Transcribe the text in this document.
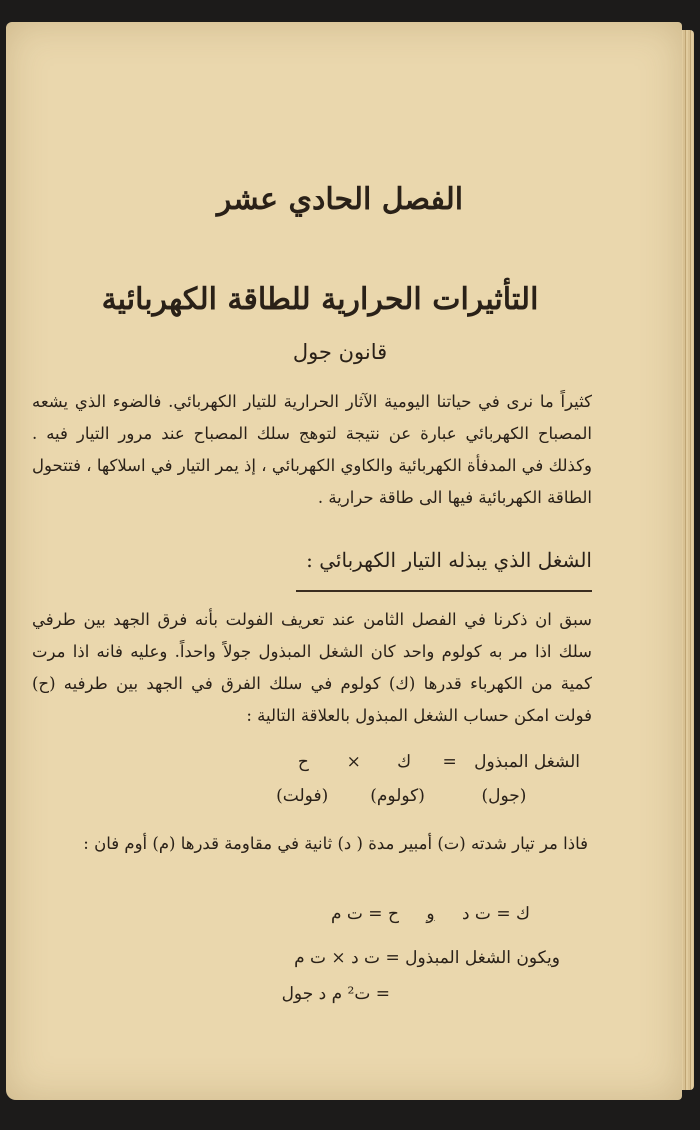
الفصل الحادي عشر
التأثيرات الحرارية للطاقة الكهربائية
قانون جول
كثيراً ما نرى في حياتنا اليومية الآثار الحرارية للتيار الكهربائي. فالضوء الذي يشعه المصباح الكهربائي عبارة عن نتيجة لتوهج سلك المصباح عند مرور التيار فيه . وكذلك في المدفأة الكهربائية والكاوي الكهربائي ، إذ يمر التيار في اسلاكها ، فتتحول الطاقة الكهربائية فيها الى طاقة حرارية .
الشغل الذي يبذله التيار الكهربائي :
سبق ان ذكرنا في الفصل الثامن عند تعريف الفولت بأنه فرق الجهد بين طرفي سلك اذا مر به كولوم واحد كان الشغل المبذول جولاً واحداً. وعليه فانه اذا مرت كمية من الكهرباء قدرها (ك) كولوم في سلك الفرق في الجهد بين طرفيه (ح) فولت امكن حساب الشغل المبذول بالعلاقة التالية :
الشغل المبذول = ك × ح
(جول) (كولوم) (فولت)
فاذا مر تيار شدته (ت) أمبير مدة ( د) ثانية في مقاومة قدرها (م) أوم فان :
ك = ت د و ح = ت م
ويكون الشغل المبذول = ت د × ت م
= ت² م د جول
